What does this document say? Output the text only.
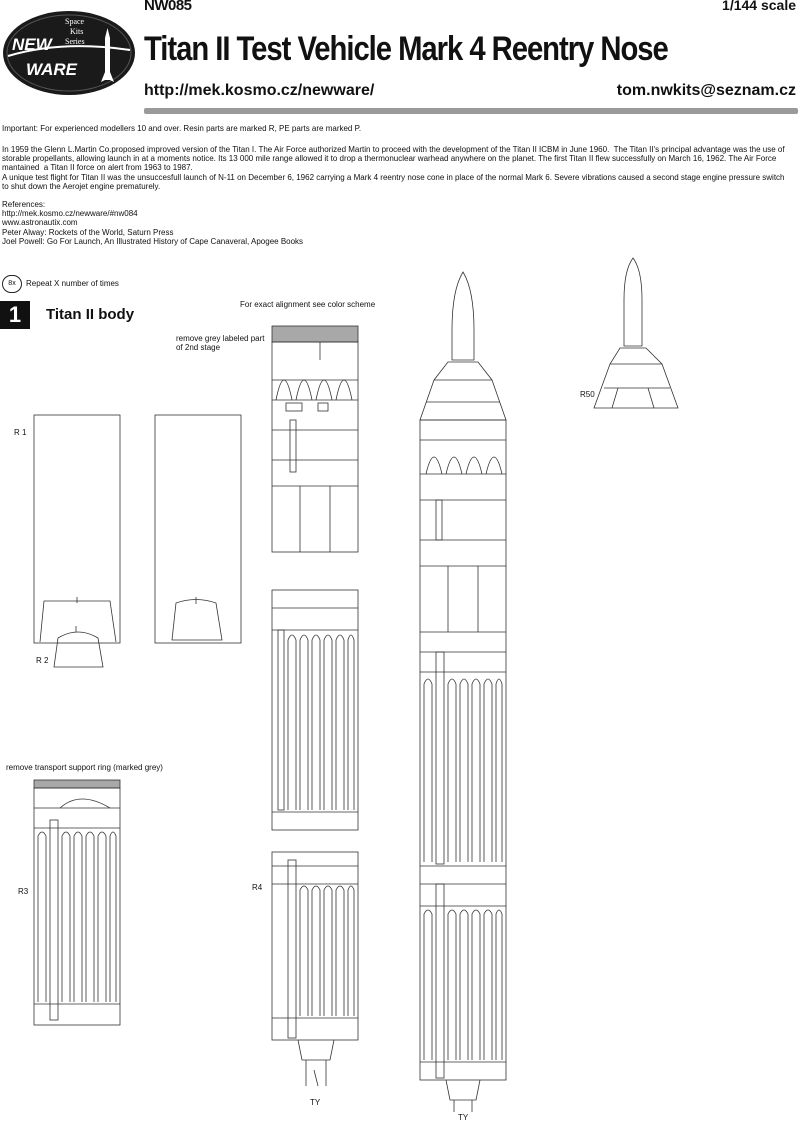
NEW
WARE
Space
Kits
Series
NW085	1/144 scale
Titan II Test Vehicle Mark 4 Reentry Nose
http://mek.kosmo.cz/newware/	tom.nwkits@seznam.cz
Important: For experienced modellers 10 and over. Resin parts are marked R, PE parts are marked P.
In 1959 the Glenn L.Martin Co.proposed improved version of the Titan I. The Air Force authorized Martin to proceed with the development of the Titan II ICBM in June 1960.  The Titan II's principal advantage was the use of storable propellants, allowing launch in at a moments notice. Its 13 000 mile range allowed it to drop a thermonuclear warhead anywhere on the planet. The first Titan II flew successfully on March 16, 1962. The Air Force mantained  a Titan II force on alert from 1963 to 1987.
A unique test flight for Titan II was the unsuccesfull launch of N-11 on December 6, 1962 carrying a Mark 4 reentry nose cone in place of the normal Mark 6. Severe vibrations caused a second stage engine pressure switch to shut down the Aerojet engine prematurely.
References:
http://mek.kosmo.cz/newware/#nw084
www.astronautix.com
Peter Alway: Rockets of the World, Saturn Press
Joel Powell: Go For Launch, An Illustrated History of Cape Canaveral, Apogee Books
8x	Repeat X number of times
1	Titan II body
For exact alignment see color scheme
remove grey labeled part of 2nd stage
remove transport support ring (marked grey)
R 1
R 2
R3	R4
R50
TY
TY
